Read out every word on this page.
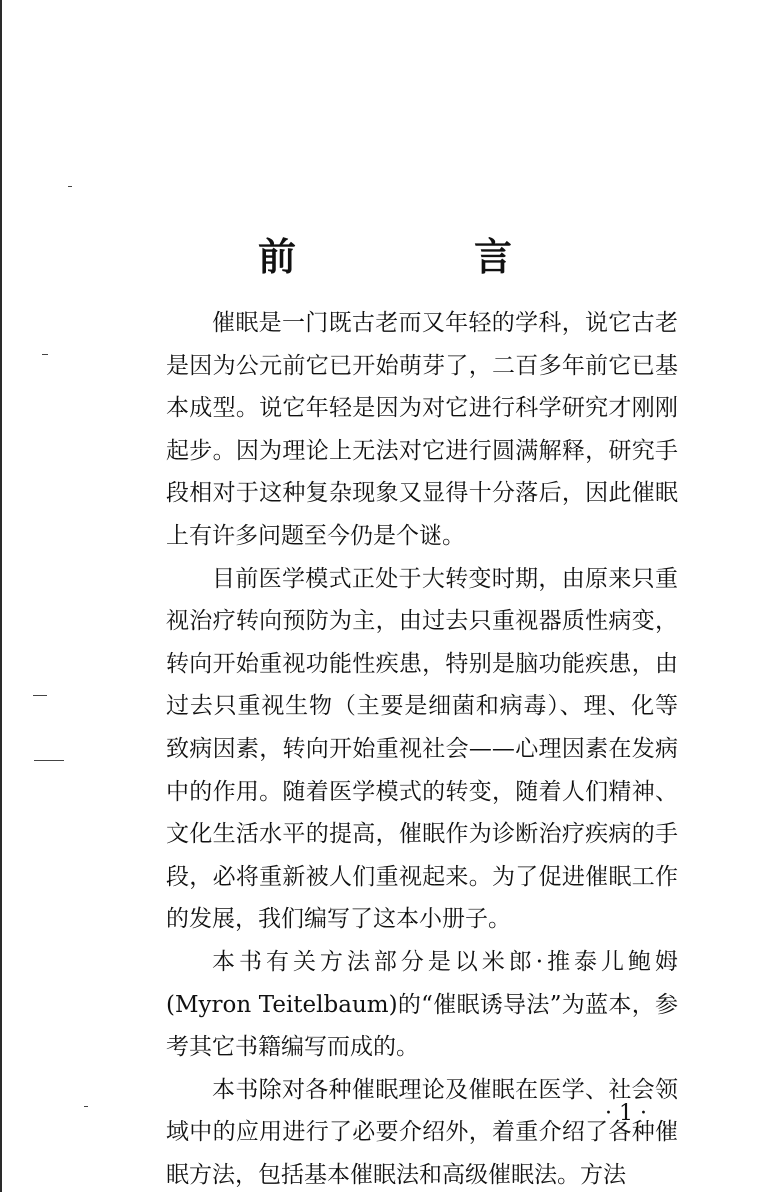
前　言

催眠是一门既古老而又年轻的学科，说它古老是因为公元前它已开始萌芽了，二百多年前它已基本成型。说它年轻是因为对它进行科学研究才刚刚起步。因为理论上无法对它进行圆满解释，研究手段相对于这种复杂现象又显得十分落后，因此催眠上有许多问题至今仍是个谜。

目前医学模式正处于大转变时期，由原来只重视治疗转向预防为主，由过去只重视器质性病变，转向开始重视功能性疾患，特别是脑功能疾患，由过去只重视生物（主要是细菌和病毒）、理、化等致病因素，转向开始重视社会——心理因素在发病中的作用。随着医学模式的转变，随着人们精神、文化生活水平的提高，催眠作为诊断治疗疾病的手段，必将重新被人们重视起来。为了促进催眠工作的发展，我们编写了这本小册子。

本书有关方法部分是以米郎·推泰儿鲍姆(Myron Teitelbaum)的“催眠诱导法”为蓝本，参考其它书籍编写而成的。

本书除对各种催眠理论及催眠在医学、社会领域中的应用进行了必要介绍外，着重介绍了各种催眠方法，包括基本催眠法和高级催眠法。方法

· 1 ·
